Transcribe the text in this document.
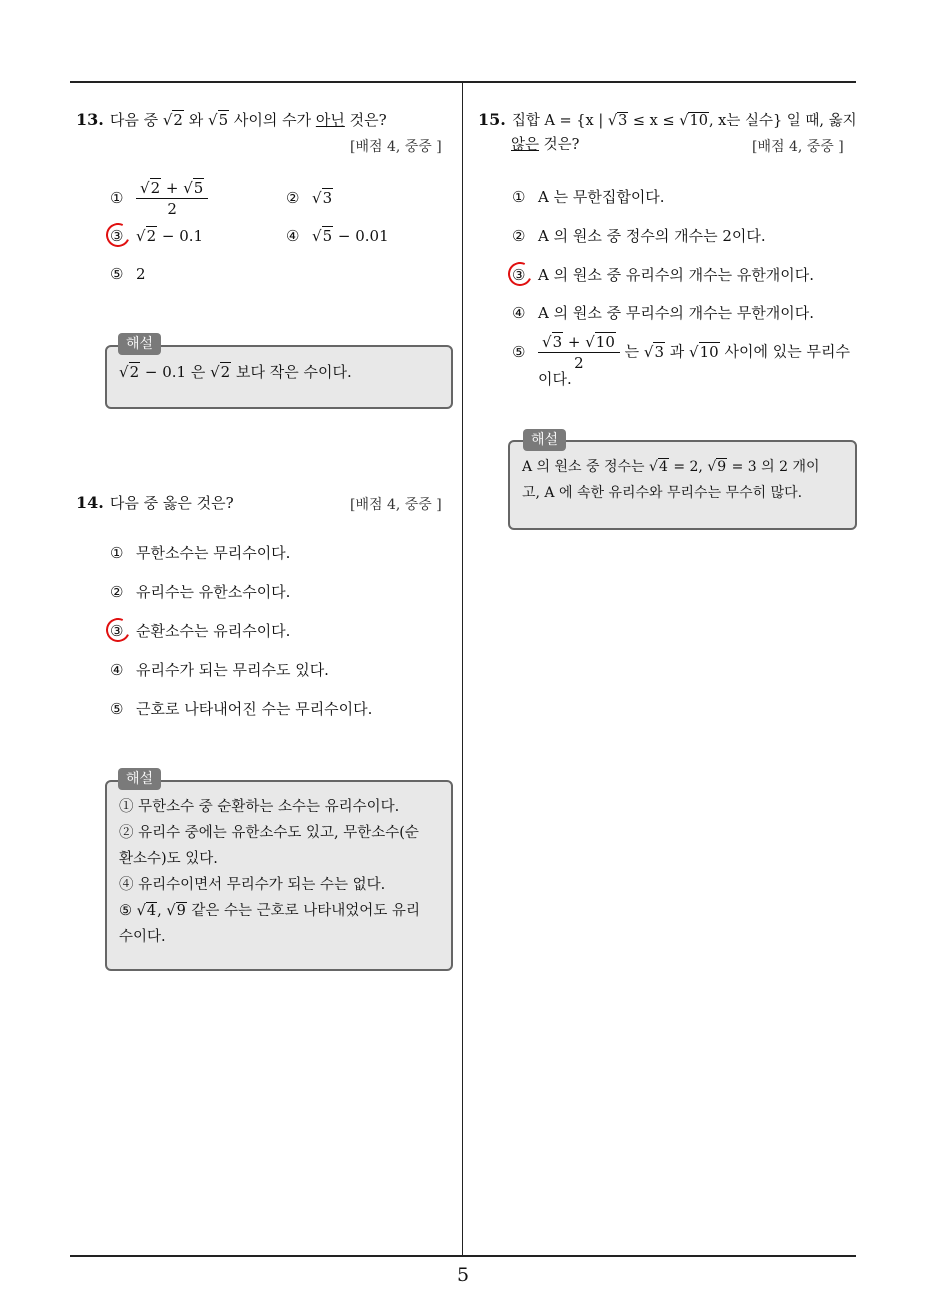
13. 다음 중 √2 와 √5 사이의 수가 아닌 것은?
[배점 4, 중중 ]
① $\frac{√2 + √5}{2}$	② √3
③ √2 − 0.1	④ √5 − 0.01
⑤ 2
√2 − 0.1 은 √2 보다 작은 수이다.
해설
14. 다음 중 옳은 것은?	[배점 4, 중중 ]
① 무한소수는 무리수이다.
② 유리수는 유한소수이다.
③ 순환소수는 유리수이다.
④ 유리수가 되는 무리수도 있다.
⑤ 근호로 나타내어진 수는 무리수이다.
① 무한소수 중 순환하는 소수는 유리수이다.
② 유리수 중에는 유한소수도 있고, 무한소수(순
환소수)도 있다.
④ 유리수이면서 무리수가 되는 수는 없다.
⑤ √4, √9 같은 수는 근호로 나타내었어도 유리
수이다.
해설
15. 집합 A = {x | √3 ≤ x ≤ √10, x는 실수} 일 때, 옳지
않은 것은?	[배점 4, 중중 ]
① A 는 무한집합이다.
② A 의 원소 중 정수의 개수는 2이다.
③ A 의 원소 중 유리수의 개수는 유한개이다.
④ A 의 원소 중 무리수의 개수는 무한개이다.
⑤ $\frac{√3 + √10}{2}$ 는 √3 과 √10 사이에 있는 무리수
이다.
A 의 원소 중 정수는 √4 = 2, √9 = 3 의 2 개이
고, A 에 속한 유리수와 무리수는 무수히 많다.
해설
5
